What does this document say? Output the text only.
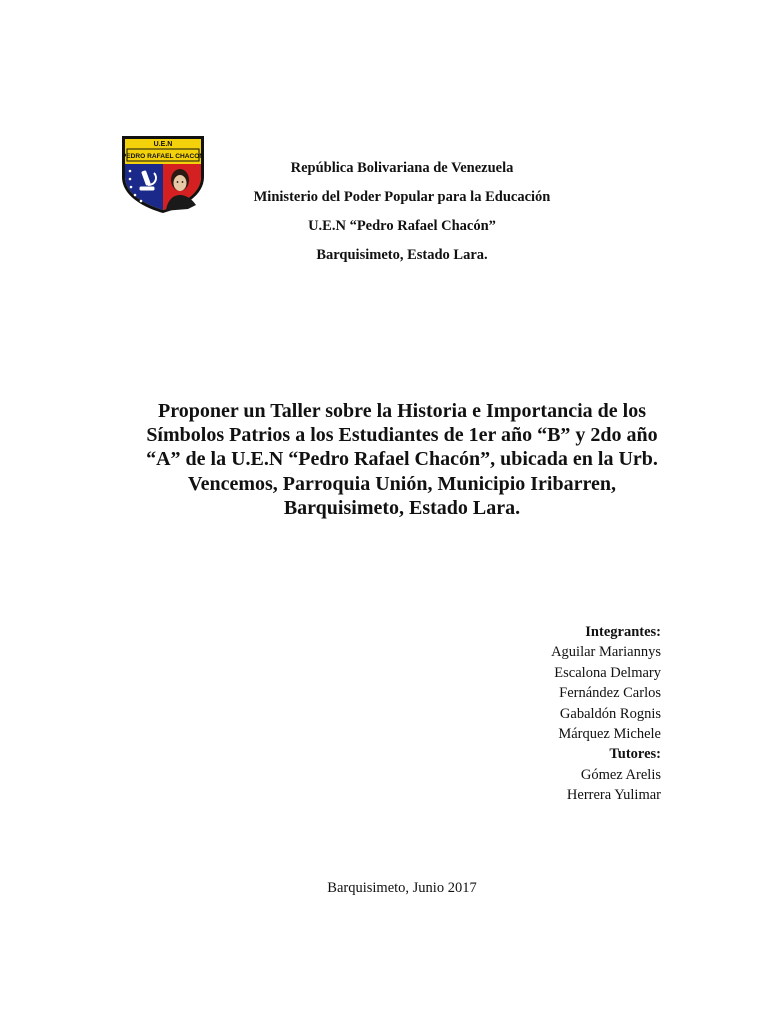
U.E.N
PEDRO RAFAEL CHACON
República Bolivariana de Venezuela
Ministerio del Poder Popular para la Educación
U.E.N “Pedro Rafael Chacón”
Barquisimeto, Estado Lara.
Proponer un Taller sobre la Historia e Importancia de los
Símbolos Patrios a los Estudiantes de 1er año “B” y 2do año
“A” de la U.E.N “Pedro Rafael Chacón”, ubicada en la Urb.
Vencemos, Parroquia Unión, Municipio Iribarren,
Barquisimeto, Estado Lara.
Integrantes:
Aguilar Mariannys
Escalona Delmary
Fernández Carlos
Gabaldón Rognis
Márquez Michele
Tutores:
Gómez Arelis
Herrera Yulimar
Barquisimeto, Junio 2017
